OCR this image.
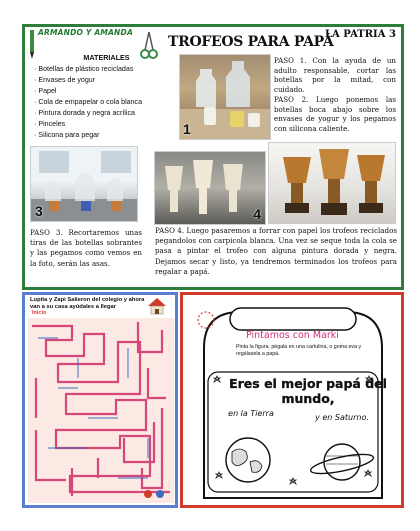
ARMANDO Y AMANDA	LA PATRIA 3
TROFEOS PARA PAPÁ
MATERIALES
· Botellas de plástico recicladas
· Envases de yogur
· Papel
· Cola de empapelar o cola blanca
· Pintura dorada y negra acrílica
· Pinceles
· Silicona para pegar	1

PASO 1. Con la ayuda de un adulto responsable, cortar las botellas por la mitad, con cuidado.

PASO 2. Luego ponemos las botellas boca abajo sobre los envases de yogur y los pegamos con silicona caliente.

3	4

PASO 3. Recortaremos unas tiras de las botellas sobrantes y las pegamos como vemos en la foto, serán las asas.

PASO 4. Luego pasaremos a forrar con papel los trofeos reciclados pegandolos con carpicola blanca. Una vez se seque toda la cola se pasa a pintar el trofeo con alguna pintura dorada y negra. Dejamos secar y listo, ya tendremos terminados los trofeos para regalar a papá.

Lupita y Zapi Salieron del colegio y ahora van a su casa ayúdales a llegar
Inicio
Pintamos con Marki
Pinta la figura, pégala en una cartulina, o goma eva y regálasela a papá.
Eres el mejor papá del mundo,
en la Tierra	y en Saturno.
